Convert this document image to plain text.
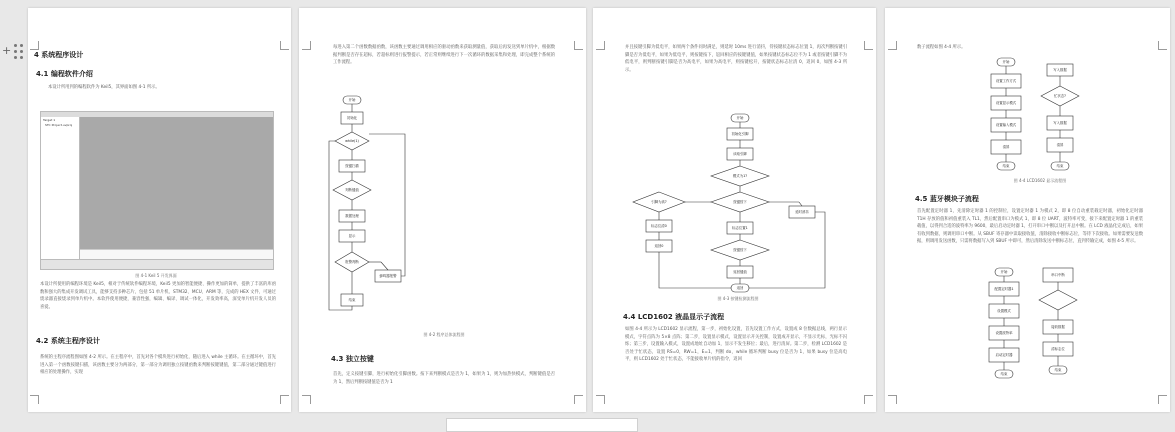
+	4 系统程序设计
4.1 编程软件介绍
本设计所用到的编程软件为 Keil5，其界面如图 4-1 所示。
Target 1
STC Project.uvproj
图 4-1 Keil 5 开发界面
本设计所使用的编程环境是 Keil5，相对于传统软件编程环境，Keil5 更加的智能便捷、操作更加的简单，提供了丰富的库函数和强大的集成开发调试工具，能够支持多种芯片，包括 51 单片机、STM32、MCU、ARM 等，完成的 HEX 文件，可通过烧录器直接烧录到单片机中。本软件使用便捷，兼容性强，编辑、编译、调试一体化，开发效率高，深受单片机开发人员的喜爱。
4.2 系统主程序设计
系统的主程序流程图如图 4-2 所示。在主程序中，首先对各个模块进行初始化，随后进入 while 主循环。在主循环中，首先进入第一个函数按键扫描，该函数主要分为两部分，第一部分为调用独立按键函数来判断按键键值，第二部分通过键值进行相应的处理操作，实现
每进入第二个函数数据函数，该函数主要通过调用相应的驱动函数来获取测量值，获取后再发送到单片机中，根据数据判断是否存在超标，若超标则进行报警提示，若正常则继续进行下一次循环的数据采集和处理，即完成整个系统的工作流程。
开始
初始化
while(1)
按键扫描
判断键值
数据处理
显示
报警判断
蜂鸣器报警
结束
图 4-2 程序总体流程图
4.3 独立按键
首先，定义按键引脚，进行初始化引脚函数。按下来判断模式是否为 1，如果为 1，则为加热快模式，判断键值是否为 1，然后判断按键值是否为 1
并且按键引脚为低电平，如果两个条件同时满足，则延时 10ms 进行消抖，待按键状态标志位置 1，再次判断按键引脚是否为低电平，如果为低电平，则按键按下，返回相应的按键键值，如果按键状态标志位不为 1 或者按键引脚不为低电平，则判断按键引脚是否为高电平，如果为高电平，则按键松开，按键状态标志位清 0，返回 0，如图 4-3 所示。
开始
初始化引脚
读取引脚
模式为1?
按键按下
引脚为高?
标志位清0
返回0
延时消抖
标志位置1
按键按下
返回键值
返回
图 4-3 按键检测流程图
4.4 LCD1602 液晶显示子流程
如图 4-4 所示为 LCD1602 显示流程，第一步，初始化设置，首先设置工作方式，设置成 8 位数据总线，两行显示模式，字符点阵为 5×8 点阵；第二步，设置显示模式，设置显示开关控制，设置成开显示，不显示光标，光标不闪烁；第三步，设置输入模式，设置成地址自动加 1，显示不发生移位；最后，进行清屏。第二步，检测 LCD1602 是否处于忙状态，设置 RS=0，RW=1，E=1，判断 do，while 循环判断 busy 位是否为 1，如果 busy 位是高电平，则 LCD1602 处于忙状态，不能接收单片机的指令，返回
数子流程如图 4-4 所示。
开始
设置工作方式
设置显示模式
设置输入模式
清屏
结束
写入数据
忙状态?
写入数据
清屏
结束
图 4-4 LCD1602 显示流程图
4.5 蓝牙模块子流程
首先配置定时器 1，先清除定时器 1 的控制位，设置定时器 1 为模式 2，即 8 位自动重装载定时器，初始化定时器 T1H 存放的值和初值重装入 TL1，然后配置串口为模式 1，即 8 位 UART，波特率可变，接下来配置定时器 1 的重装载值，以得到合适的波特率为 9600，最后启动定时器 1，打开串口中断以及打开总中断。在 LCD 液晶化完成后，如果有收到数据，则调用串口中断。从 SBUF 寄存器中读取接收值，清除接收中断标志位，等待下次接收。如果需要发送数据，则调用发送函数，只需将数据写入到 SBUF 中即可，然后清除发送中断标志位，直到传输完成，如图 4-5 所示。
开始
配置定时器1
设置模式
设置波特率
启动定时器
结束
串口中断
接收数据
清标志位
结束
